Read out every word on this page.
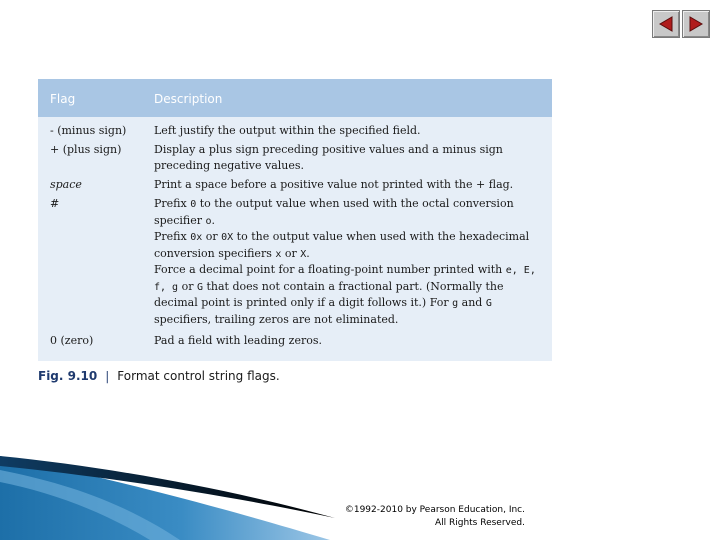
Flag	Description
- (minus sign)	Left justify the output within the specified field.
+ (plus sign)	Display a plus sign preceding positive values and a minus sign preceding negative values.
space	Print a space before a positive value not printed with the + flag.
#	Prefix 0 to the output value when used with the octal conversion specifier o.
Prefix 0x or 0X to the output value when used with the hexadecimal conversion specifiers x or X.
Force a decimal point for a floating-point number printed with e, E, f, g or G that does not contain a fractional part. (Normally the decimal point is printed only if a digit follows it.) For g and G specifiers, trailing zeros are not eliminated.
0 (zero)	Pad a field with leading zeros.
Fig. 9.10 | Format control string flags.
©1992-2010 by Pearson Education, Inc.
All Rights Reserved.
